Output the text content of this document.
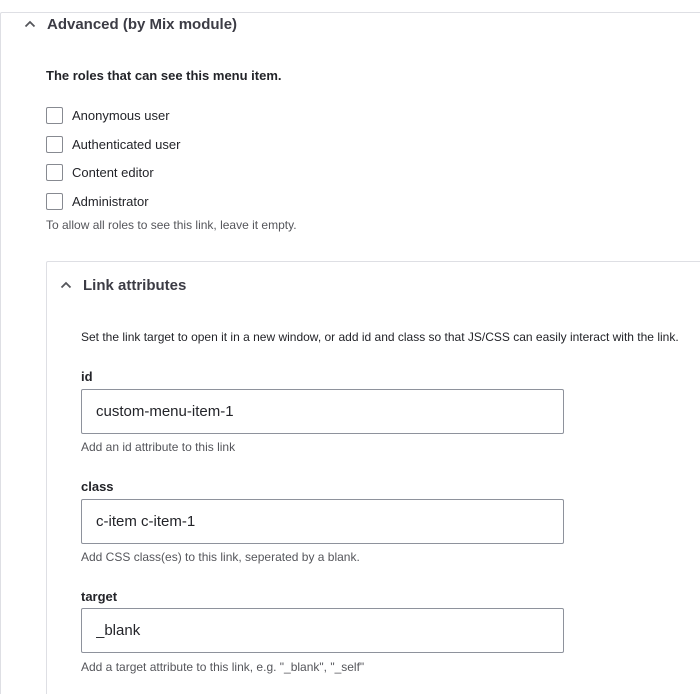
Advanced (by Mix module)
The roles that can see this menu item.
Anonymous user
Authenticated user
Content editor
Administrator
To allow all roles to see this link, leave it empty.
Link attributes
Set the link target to open it in a new window, or add id and class so that JS/CSS can easily interact with the link.
id
custom-menu-item-1
Add an id attribute to this link
class
c-item c-item-1
Add CSS class(es) to this link, seperated by a blank.
target
_blank
Add a target attribute to this link, e.g. "_blank", "_self"
